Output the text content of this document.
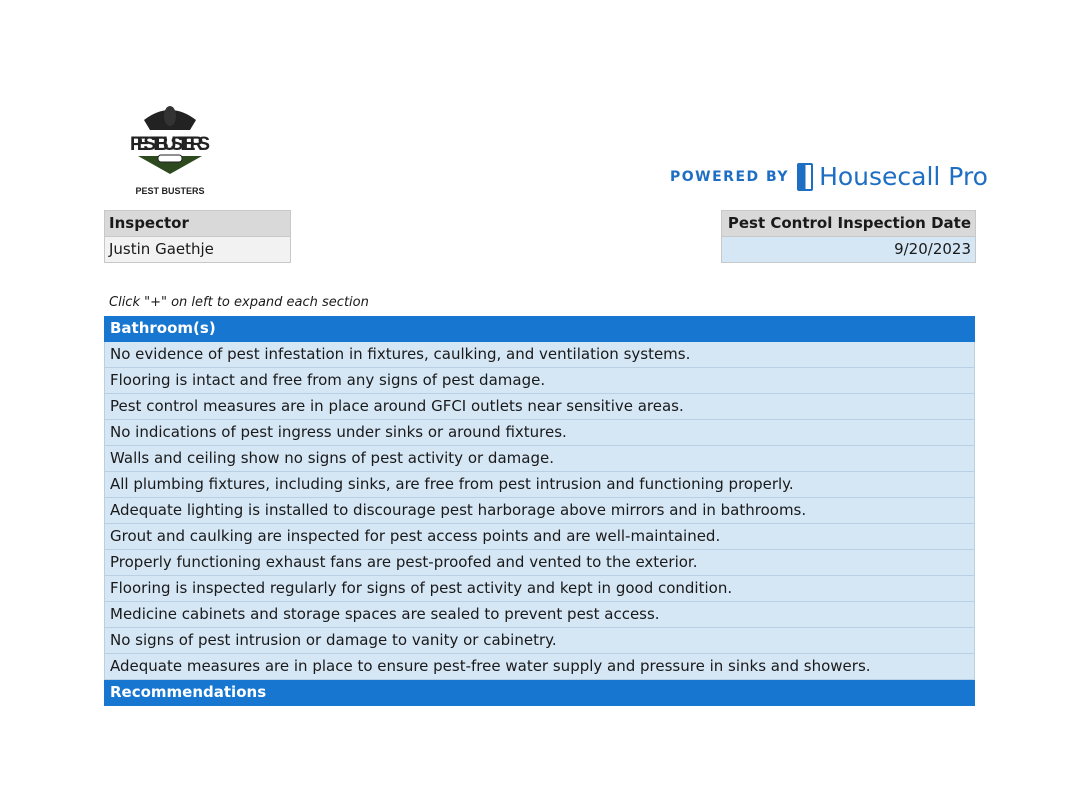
PEST BUSTERS
PEST BUSTERS
POWERED BY Housecall Pro
Inspector
Justin Gaethje
Pest Control Inspection Date
9/20/2023
Click "+" on left to expand each section
Bathroom(s)
No evidence of pest infestation in fixtures, caulking, and ventilation systems.
Flooring is intact and free from any signs of pest damage.
Pest control measures are in place around GFCI outlets near sensitive areas.
No indications of pest ingress under sinks or around fixtures.
Walls and ceiling show no signs of pest activity or damage.
All plumbing fixtures, including sinks, are free from pest intrusion and functioning properly.
Adequate lighting is installed to discourage pest harborage above mirrors and in bathrooms.
Grout and caulking are inspected for pest access points and are well-maintained.
Properly functioning exhaust fans are pest-proofed and vented to the exterior.
Flooring is inspected regularly for signs of pest activity and kept in good condition.
Medicine cabinets and storage spaces are sealed to prevent pest access.
No signs of pest intrusion or damage to vanity or cabinetry.
Adequate measures are in place to ensure pest-free water supply and pressure in sinks and showers.
Recommendations
